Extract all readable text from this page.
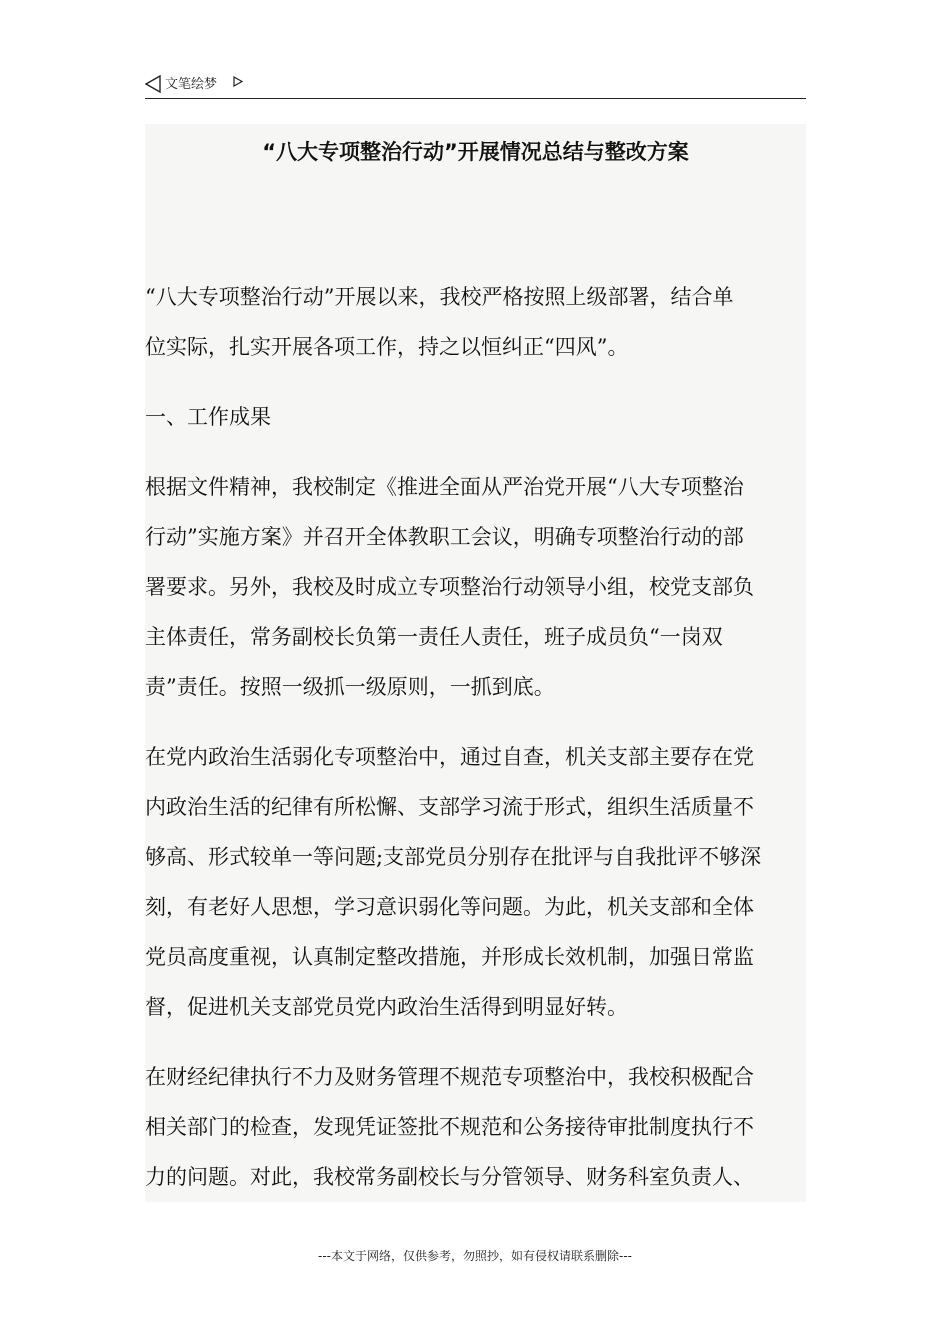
文笔绘梦
“八大专项整治行动”开展情况总结与整改方案
“八大专项整治行动”开展以来，我校严格按照上级部署，结合单
位实际，扎实开展各项工作，持之以恒纠正“四风”。
一、工作成果
根据文件精神，我校制定《推进全面从严治党开展“八大专项整治
行动”实施方案》并召开全体教职工会议，明确专项整治行动的部
署要求。另外，我校及时成立专项整治行动领导小组，校党支部负
主体责任，常务副校长负第一责任人责任，班子成员负“一岗双
责”责任。按照一级抓一级原则，一抓到底。
在党内政治生活弱化专项整治中，通过自查，机关支部主要存在党
内政治生活的纪律有所松懈、支部学习流于形式，组织生活质量不
够高、形式较单一等问题;支部党员分别存在批评与自我批评不够深
刻，有老好人思想，学习意识弱化等问题。为此，机关支部和全体
党员高度重视，认真制定整改措施，并形成长效机制，加强日常监
督，促进机关支部党员党内政治生活得到明显好转。
在财经纪律执行不力及财务管理不规范专项整治中，我校积极配合
相关部门的检查，发现凭证签批不规范和公务接待审批制度执行不
力的问题。对此，我校常务副校长与分管领导、财务科室负责人、
---本文于网络，仅供参考，勿照抄，如有侵权请联系删除---
